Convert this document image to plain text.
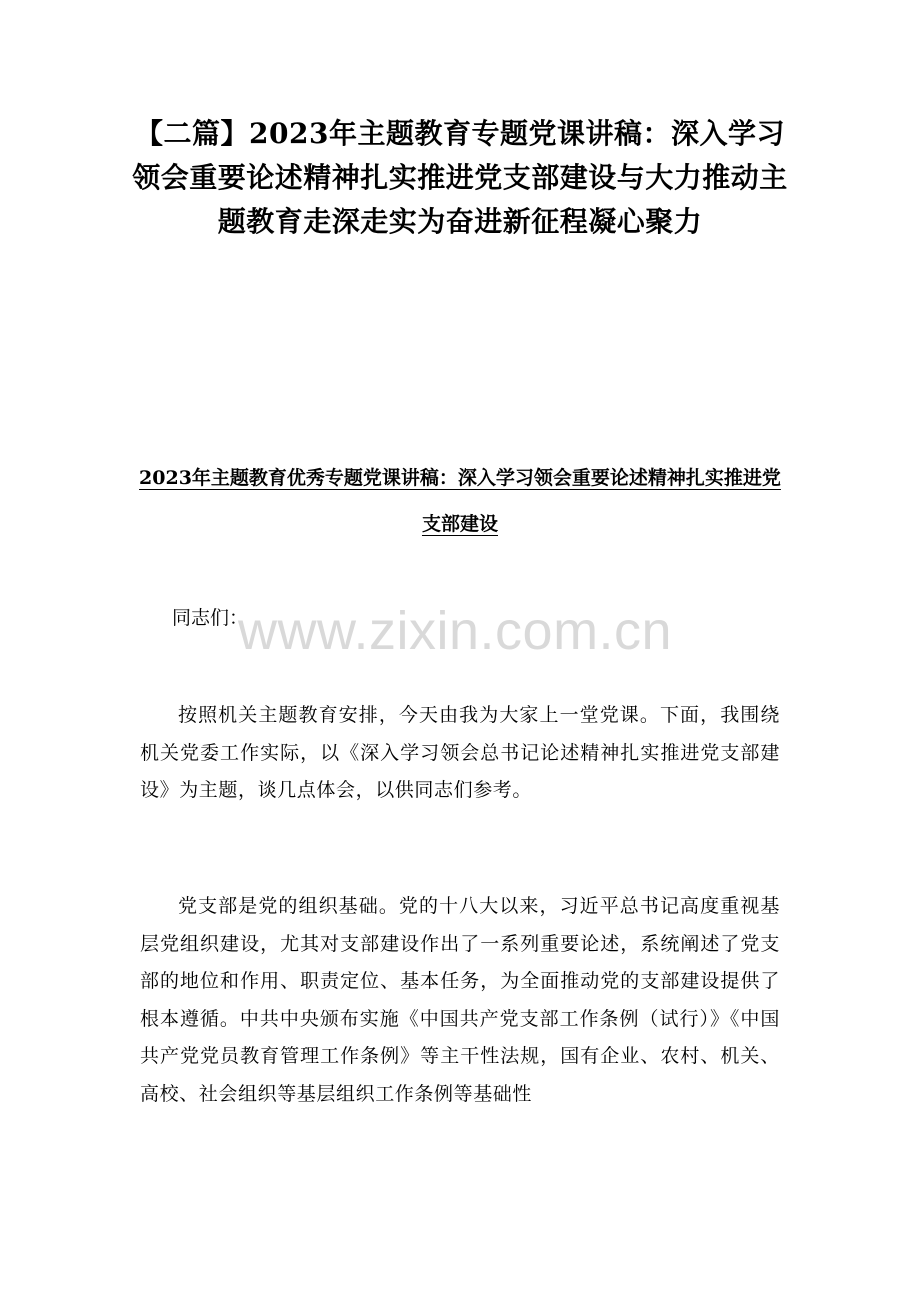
【二篇】2023年主题教育专题党课讲稿：深入学习领会重要论述精神扎实推进党支部建设与大力推动主题教育走深走实为奋进新征程凝心聚力
2023年主题教育优秀专题党课讲稿：深入学习领会重要论述精神扎实推进党支部建设
www.zixin.com.cn

同志们：

按照机关主题教育安排，今天由我为大家上一堂党课。下面，我围绕机关党委工作实际，以《深入学习领会总书记论述精神扎实推进党支部建设》为主题，谈几点体会，以供同志们参考。

党支部是党的组织基础。党的十八大以来，习近平总书记高度重视基层党组织建设，尤其对支部建设作出了一系列重要论述，系统阐述了党支部的地位和作用、职责定位、基本任务，为全面推动党的支部建设提供了根本遵循。中共中央颁布实施《中国共产党支部工作条例（试行）》《中国共产党党员教育管理工作条例》等主干性法规，国有企业、农村、机关、高校、社会组织等基层组织工作条例等基础性
